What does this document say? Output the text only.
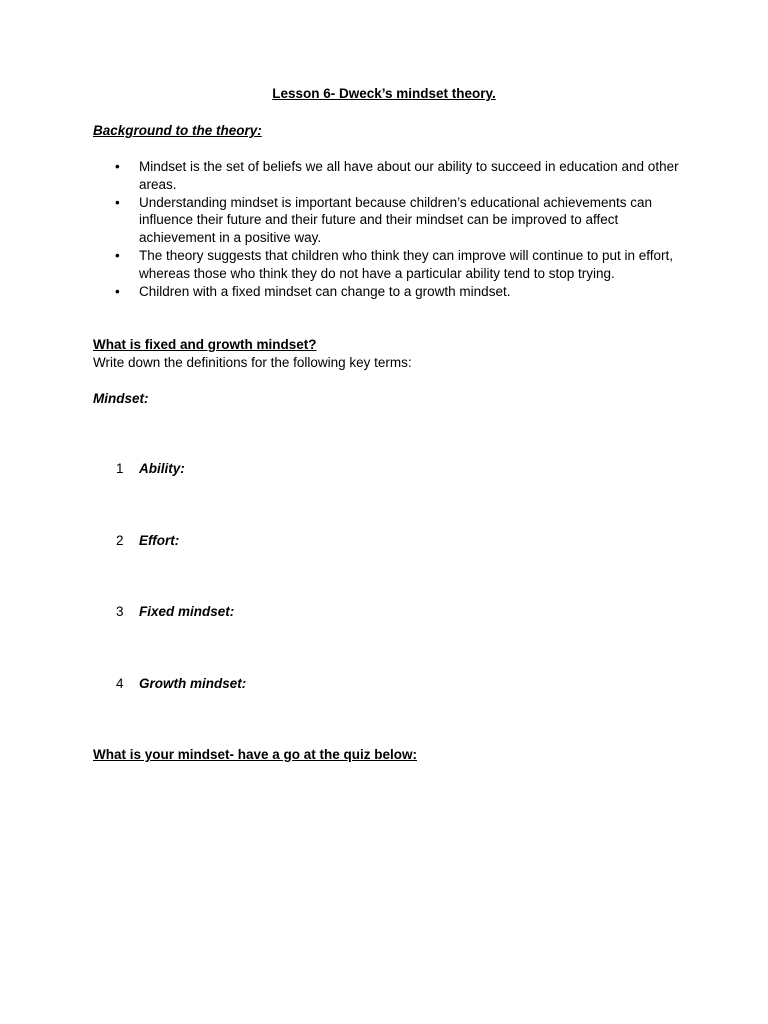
Lesson 6- Dweck’s mindset theory.
Background to the theory:
• Mindset is the set of beliefs we all have about our ability to succeed in education and other areas.
• Understanding mindset is important because children’s educational achievements can influence their future and their future and their mindset can be improved to affect achievement in a positive way.
• The theory suggests that children who think they can improve will continue to put in effort, whereas those who think they do not have a particular ability tend to stop trying.
• Children with a fixed mindset can change to a growth mindset.
What is fixed and growth mindset?
Write down the definitions for the following key terms:
Mindset:
1 Ability:
2 Effort:
3 Fixed mindset:
4 Growth mindset:
What is your mindset- have a go at the quiz below:
